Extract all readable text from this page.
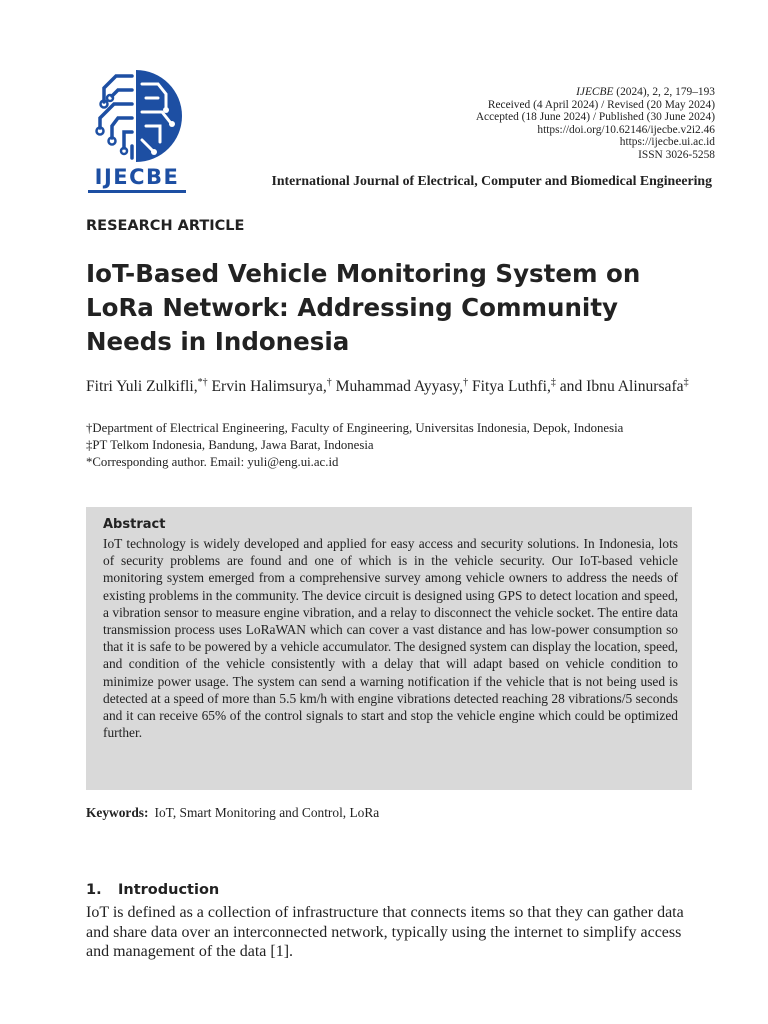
IJECBE
IJECBE (2024), 2, 2, 179–193
Received (4 April 2024) / Revised (20 May 2024)
Accepted (18 June 2024) / Published (30 June 2024)
https://doi.org/10.62146/ijecbe.v2i2.46
https://ijecbe.ui.ac.id
ISSN 3026-5258
International Journal of Electrical, Computer and Biomedical Engineering
RESEARCH ARTICLE
IoT-Based Vehicle Monitoring System on LoRa Network: Addressing Community Needs in Indonesia
Fitri Yuli Zulkifli,*† Ervin Halimsurya,† Muhammad Ayyasy,† Fitya Luthfi,‡ and Ibnu Alinursafa‡
†Department of Electrical Engineering, Faculty of Engineering, Universitas Indonesia, Depok, Indonesia
‡PT Telkom Indonesia, Bandung, Jawa Barat, Indonesia
*Corresponding author. Email: yuli@eng.ui.ac.id
Abstract
IoT technology is widely developed and applied for easy access and security solutions. In Indonesia, lots of security problems are found and one of which is in the vehicle security. Our IoT-based vehicle monitoring system emerged from a comprehensive survey among vehicle owners to address the needs of existing problems in the community. The device circuit is designed using GPS to detect location and speed, a vibration sensor to measure engine vibration, and a relay to disconnect the vehicle socket. The entire data transmission process uses LoRaWAN which can cover a vast distance and has low-power consumption so that it is safe to be powered by a vehicle accumulator. The designed system can display the location, speed, and condition of the vehicle consistently with a delay that will adapt based on vehicle condition to minimize power usage. The system can send a warning notification if the vehicle that is not being used is detected at a speed of more than 5.5 km/h with engine vibrations detected reaching 28 vibrations/5 seconds and it can receive 65% of the control signals to start and stop the vehicle engine which could be optimized further.
Keywords: IoT, Smart Monitoring and Control, LoRa
1. Introduction
IoT is defined as a collection of infrastructure that connects items so that they can gather data and share data over an interconnected network, typically using the internet to simplify access and management of the data [1].
